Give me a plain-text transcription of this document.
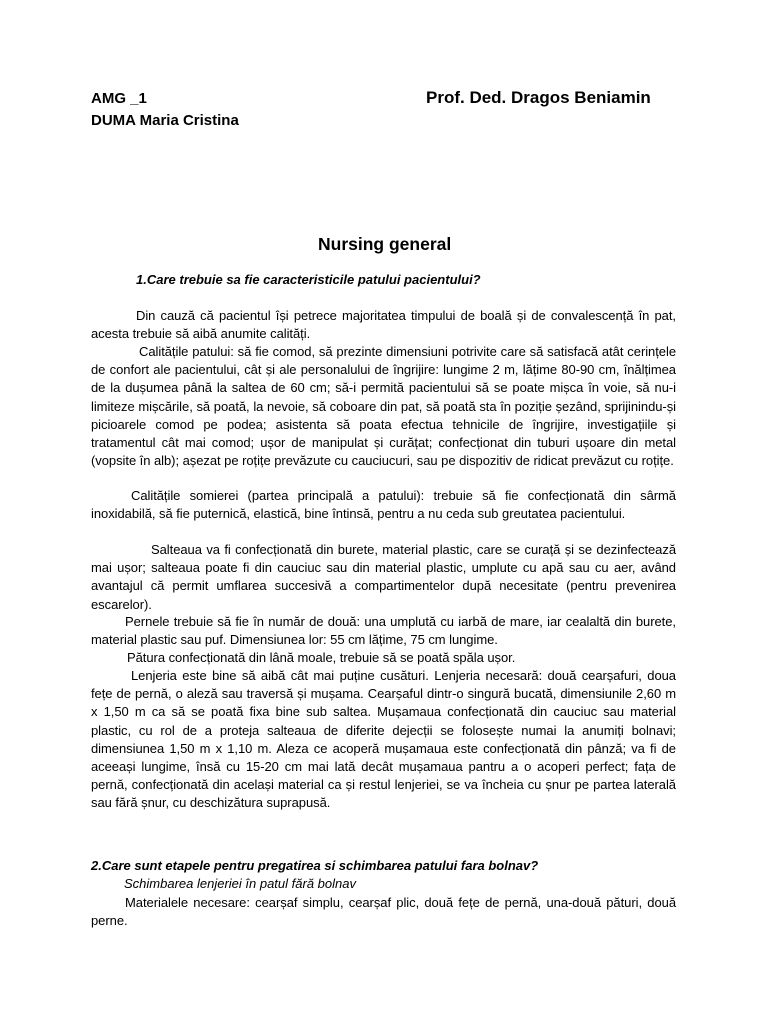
AMG _1
DUMA Maria Cristina
Prof. Ded. Dragos Beniamin
Nursing general
1.Care trebuie sa fie caracteristicile patului pacientului?
Din cauză că pacientul își petrece majoritatea timpului de boală și de convalescență în pat, acesta trebuie să aibă anumite calități.
Calitățile patului: să fie comod, să prezinte dimensiuni potrivite care să satisfacă atât cerințele de confort ale pacientului, cât și ale personalului de îngrijire: lungime 2 m, lățime 80-90 cm, înălțimea de la dușumea până la saltea de 60 cm; să-i permită pacientului să se poate mișca în voie, să nu-i limiteze mișcările, să poată, la nevoie, să coboare din pat, să poată sta în poziție șezând, sprijinindu-și picioarele comod pe podea; asistenta să poata efectua tehnicile de îngrijire, investigațiile și tratamentul cât mai comod; ușor de manipulat și curățat; confecționat din tuburi ușoare din metal (vopsite în alb); așezat pe roțițe prevăzute cu cauciucuri, sau pe dispozitiv de ridicat prevăzut cu roțițe.
Calitățile somierei (partea principală a patului): trebuie să fie confecționată din sârmă inoxidabilă, să fie puternică, elastică, bine întinsă, pentru a nu ceda sub greutatea pacientului.
Salteaua va fi confecționată din burete, material plastic, care se curață și se dezinfectează mai ușor; salteaua poate fi din cauciuc sau din material plastic, umplute cu apă sau cu aer, având avantajul că permit umflarea succesivă a compartimentelor după necesitate (pentru prevenirea escarelor).
Pernele trebuie să fie în număr de două: una umplută cu iarbă de mare, iar cealaltă din burete, material plastic sau puf. Dimensiunea lor: 55 cm lățime, 75 cm lungime.
Pătura confecționată din lână moale, trebuie să se poată spăla ușor.
Lenjeria este bine să aibă cât mai puține cusături. Lenjeria necesară: două cearșafuri, doua fețe de pernă, o aleză sau traversă și mușama. Cearșaful dintr-o singură bucată, dimensiunile 2,60 m x 1,50 m ca să se poată fixa bine sub saltea. Mușamaua confecționată din cauciuc sau material plastic, cu rol de a proteja salteaua de diferite dejecții se folosește numai la anumiți bolnavi; dimensiunea 1,50 m x 1,10 m. Aleza ce acoperă mușamaua este confecționată din pânză; va fi de aceeași lungime, însă cu 15-20 cm mai lată decât mușamaua pantru a o acoperi perfect; fața de pernă, confecționată din același material ca și restul lenjeriei, se va încheia cu șnur pe partea laterală sau fără șnur, cu deschizătura suprapusă.
2.Care sunt etapele pentru pregatirea si schimbarea patului fara bolnav?
Schimbarea lenjeriei în patul fără bolnav
Materialele necesare: cearșaf simplu, cearșaf plic, două fețe de pernă, una-două pături, două perne.
